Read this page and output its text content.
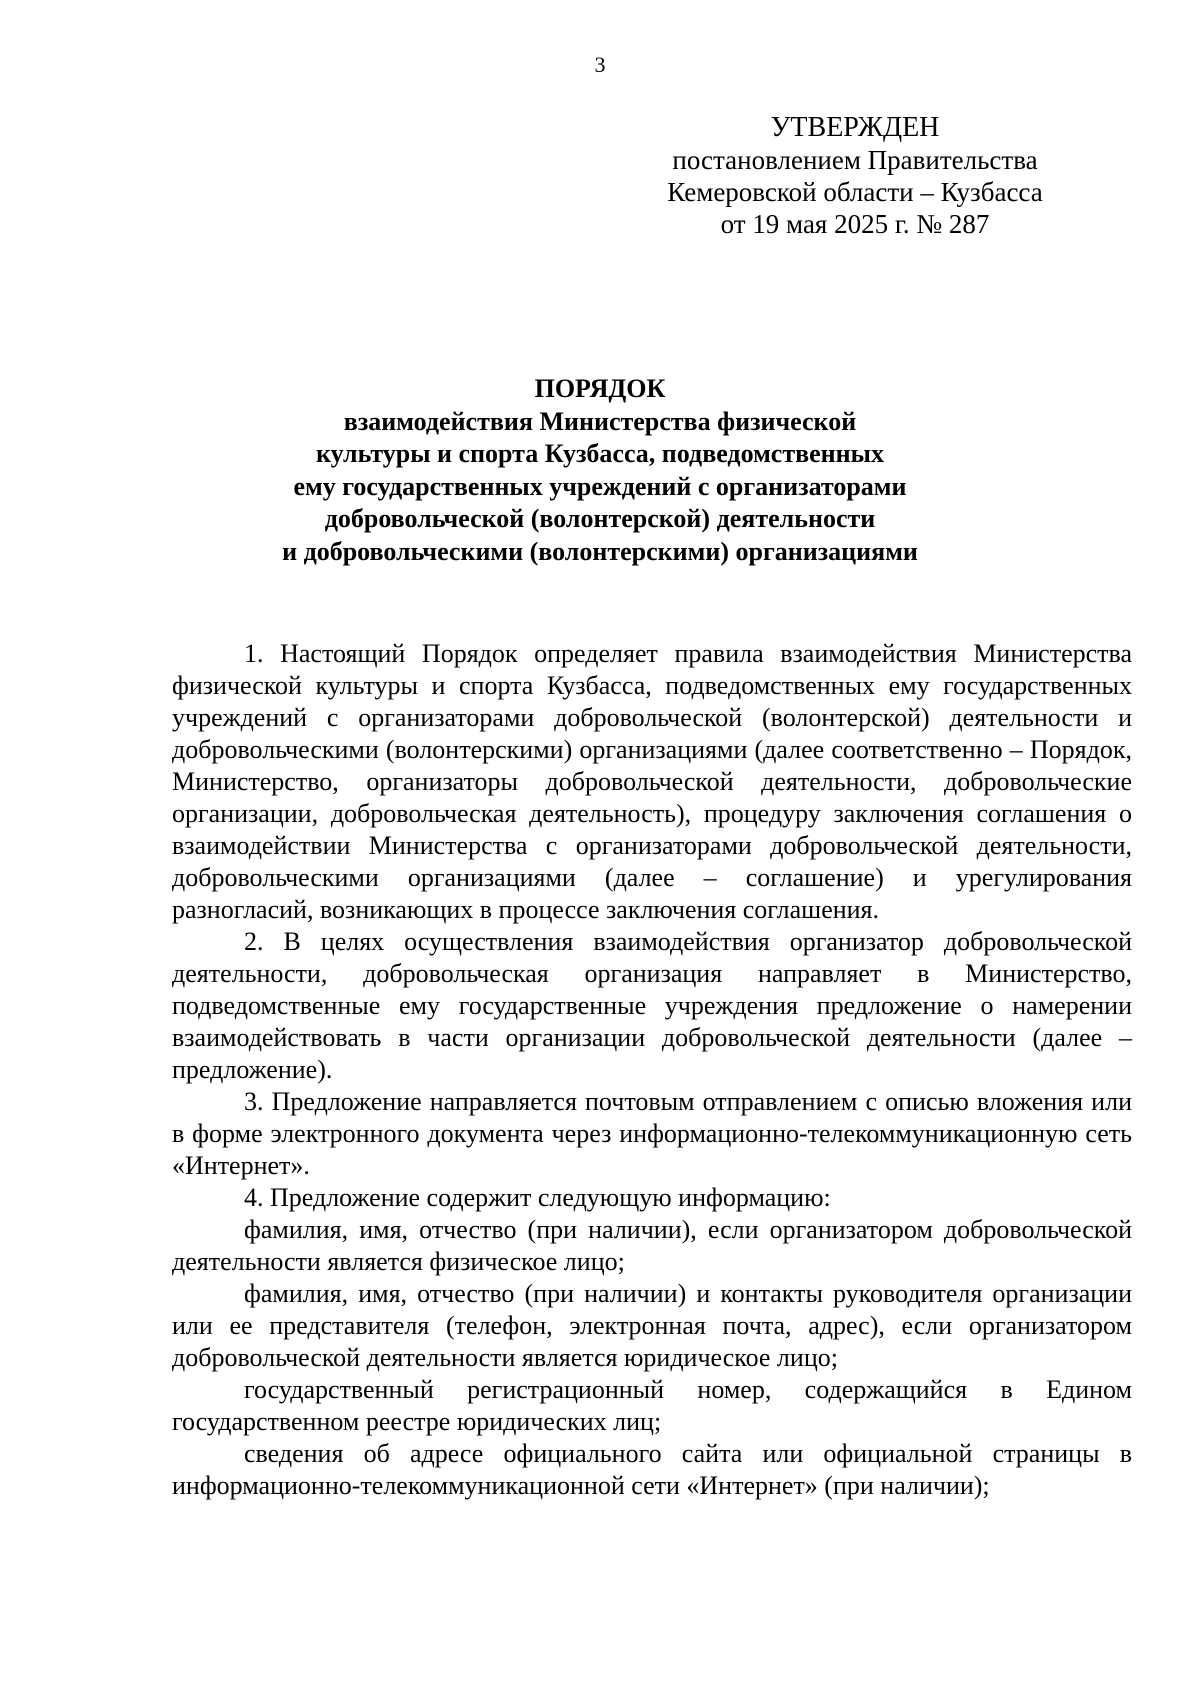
3
УТВЕРЖДЕН
постановлением Правительства
Кемеровской области – Кузбасса
от 19 мая 2025 г. № 287
ПОРЯДОК
взаимодействия Министерства физической
культуры и спорта Кузбасса, подведомственных
ему государственных учреждений с организаторами
добровольческой (волонтерской) деятельности
и добровольческими (волонтерскими) организациями

1. Настоящий Порядок определяет правила взаимодействия Министерства физической культуры и спорта Кузбасса, подведомственных ему государственных учреждений с организаторами добровольческой (волонтерской) деятельности и добровольческими (волонтерскими) организациями (далее соответственно – Порядок, Министерство, организаторы добровольческой деятельности, добровольческие организации, добровольческая деятельность), процедуру заключения соглашения о взаимодействии Министерства с организаторами добровольческой деятельности, добровольческими организациями (далее – соглашение) и урегулирования разногласий, возникающих в процессе заключения соглашения.

2. В целях осуществления взаимодействия организатор добровольческой деятельности, добровольческая организация направляет в Министерство, подведомственные ему государственные учреждения предложение о намерении взаимодействовать в части организации добровольческой деятельности (далее – предложение).

3. Предложение направляется почтовым отправлением с описью вложения или в форме электронного документа через информационно-телекоммуникационную сеть «Интернет».

4. Предложение содержит следующую информацию:

фамилия, имя, отчество (при наличии), если организатором добровольческой деятельности является физическое лицо;

фамилия, имя, отчество (при наличии) и контакты руководителя организации или ее представителя (телефон, электронная почта, адрес), если организатором добровольческой деятельности является юридическое лицо;

государственный регистрационный номер, содержащийся в Едином государственном реестре юридических лиц;

сведения об адресе официального сайта или официальной страницы в информационно-телекоммуникационной сети «Интернет» (при наличии);
